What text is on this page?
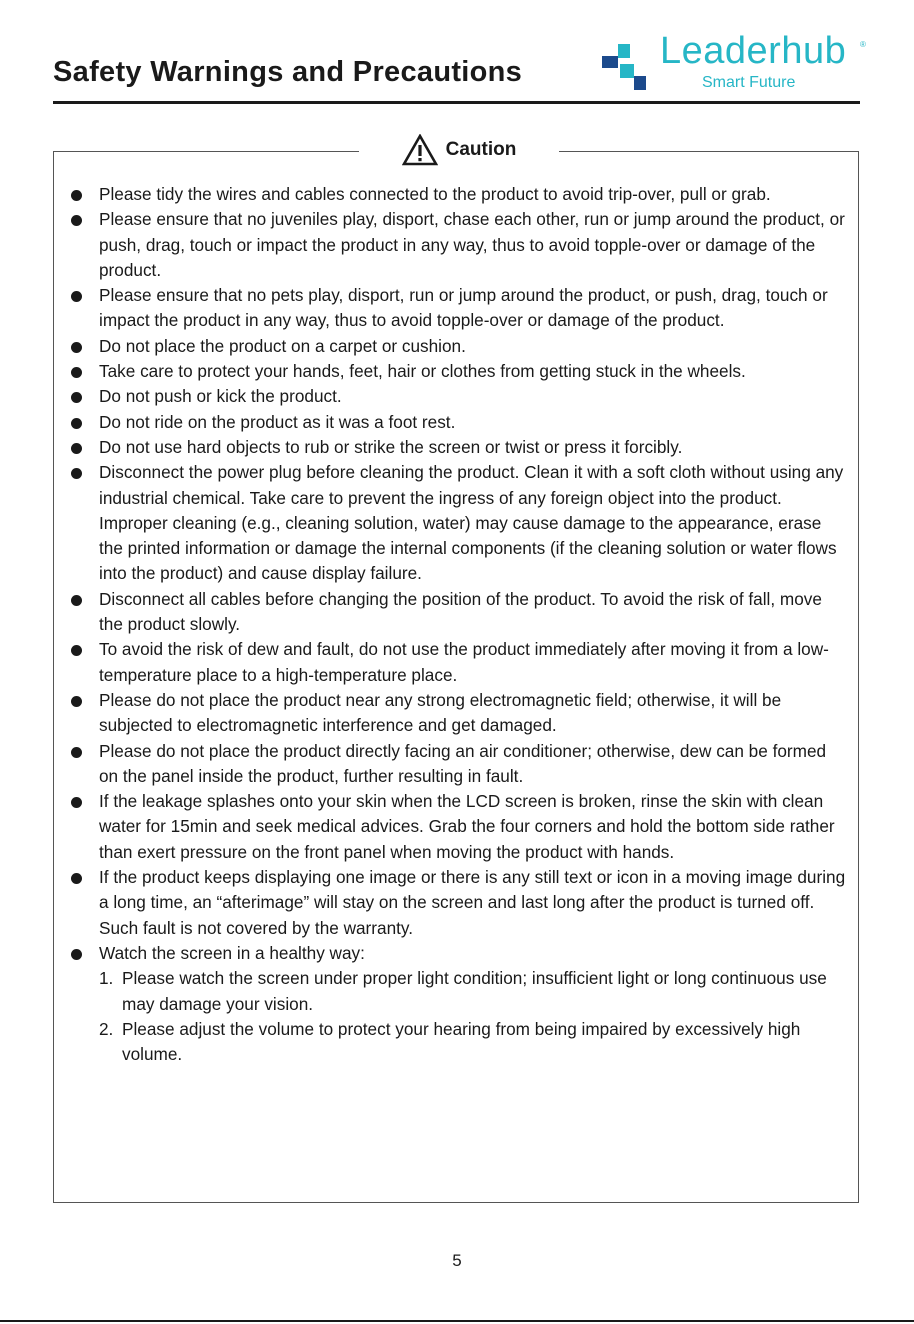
Safety Warnings and Precautions	Leaderhub ®
Smart Future
Caution
Please tidy the wires and cables connected to the product to avoid trip-over, pull or grab.
Please ensure that no juveniles play, disport, chase each other, run or jump around the product, or push, drag, touch or impact the product in any way, thus to avoid topple-over or damage of the product.
Please ensure that no pets play, disport, run or jump around the product, or push, drag, touch or impact the product in any way, thus to avoid topple-over or damage of the product.
Do not place the product on a carpet or cushion.
Take care to protect your hands, feet, hair or clothes from getting stuck in the wheels.
Do not push or kick the product.
Do not ride on the product as it was a foot rest.
Do not use hard objects to rub or strike the screen or twist or press it forcibly.
Disconnect the power plug before cleaning the product. Clean it with a soft cloth without using any industrial chemical. Take care to prevent the ingress of any foreign object into the product. Improper cleaning (e.g., cleaning solution, water) may cause damage to the appearance, erase the printed information or damage the internal components (if the cleaning solution or water flows into the product) and cause display failure.
Disconnect all cables before changing the position of the product. To avoid the risk of fall, move the product slowly.
To avoid the risk of dew and fault, do not use the product immediately after moving it from a low-temperature place to a high-temperature place.
Please do not place the product near any strong electromagnetic field; otherwise, it will be subjected to electromagnetic interference and get damaged.
Please do not place the product directly facing an air conditioner; otherwise, dew can be formed on the panel inside the product, further resulting in fault.
If the leakage splashes onto your skin when the LCD screen is broken, rinse the skin with clean water for 15min and seek medical advices. Grab the four corners and hold the bottom side rather than exert pressure on the front panel when moving the product with hands.
If the product keeps displaying one image or there is any still text or icon in a moving image during a long time, an “afterimage” will stay on the screen and last long after the product is turned off. Such fault is not covered by the warranty.
Watch the screen in a healthy way:
1. Please watch the screen under proper light condition; insufficient light or long continuous use may damage your vision.
2. Please adjust the volume to protect your hearing from being impaired by excessively high volume.
5
